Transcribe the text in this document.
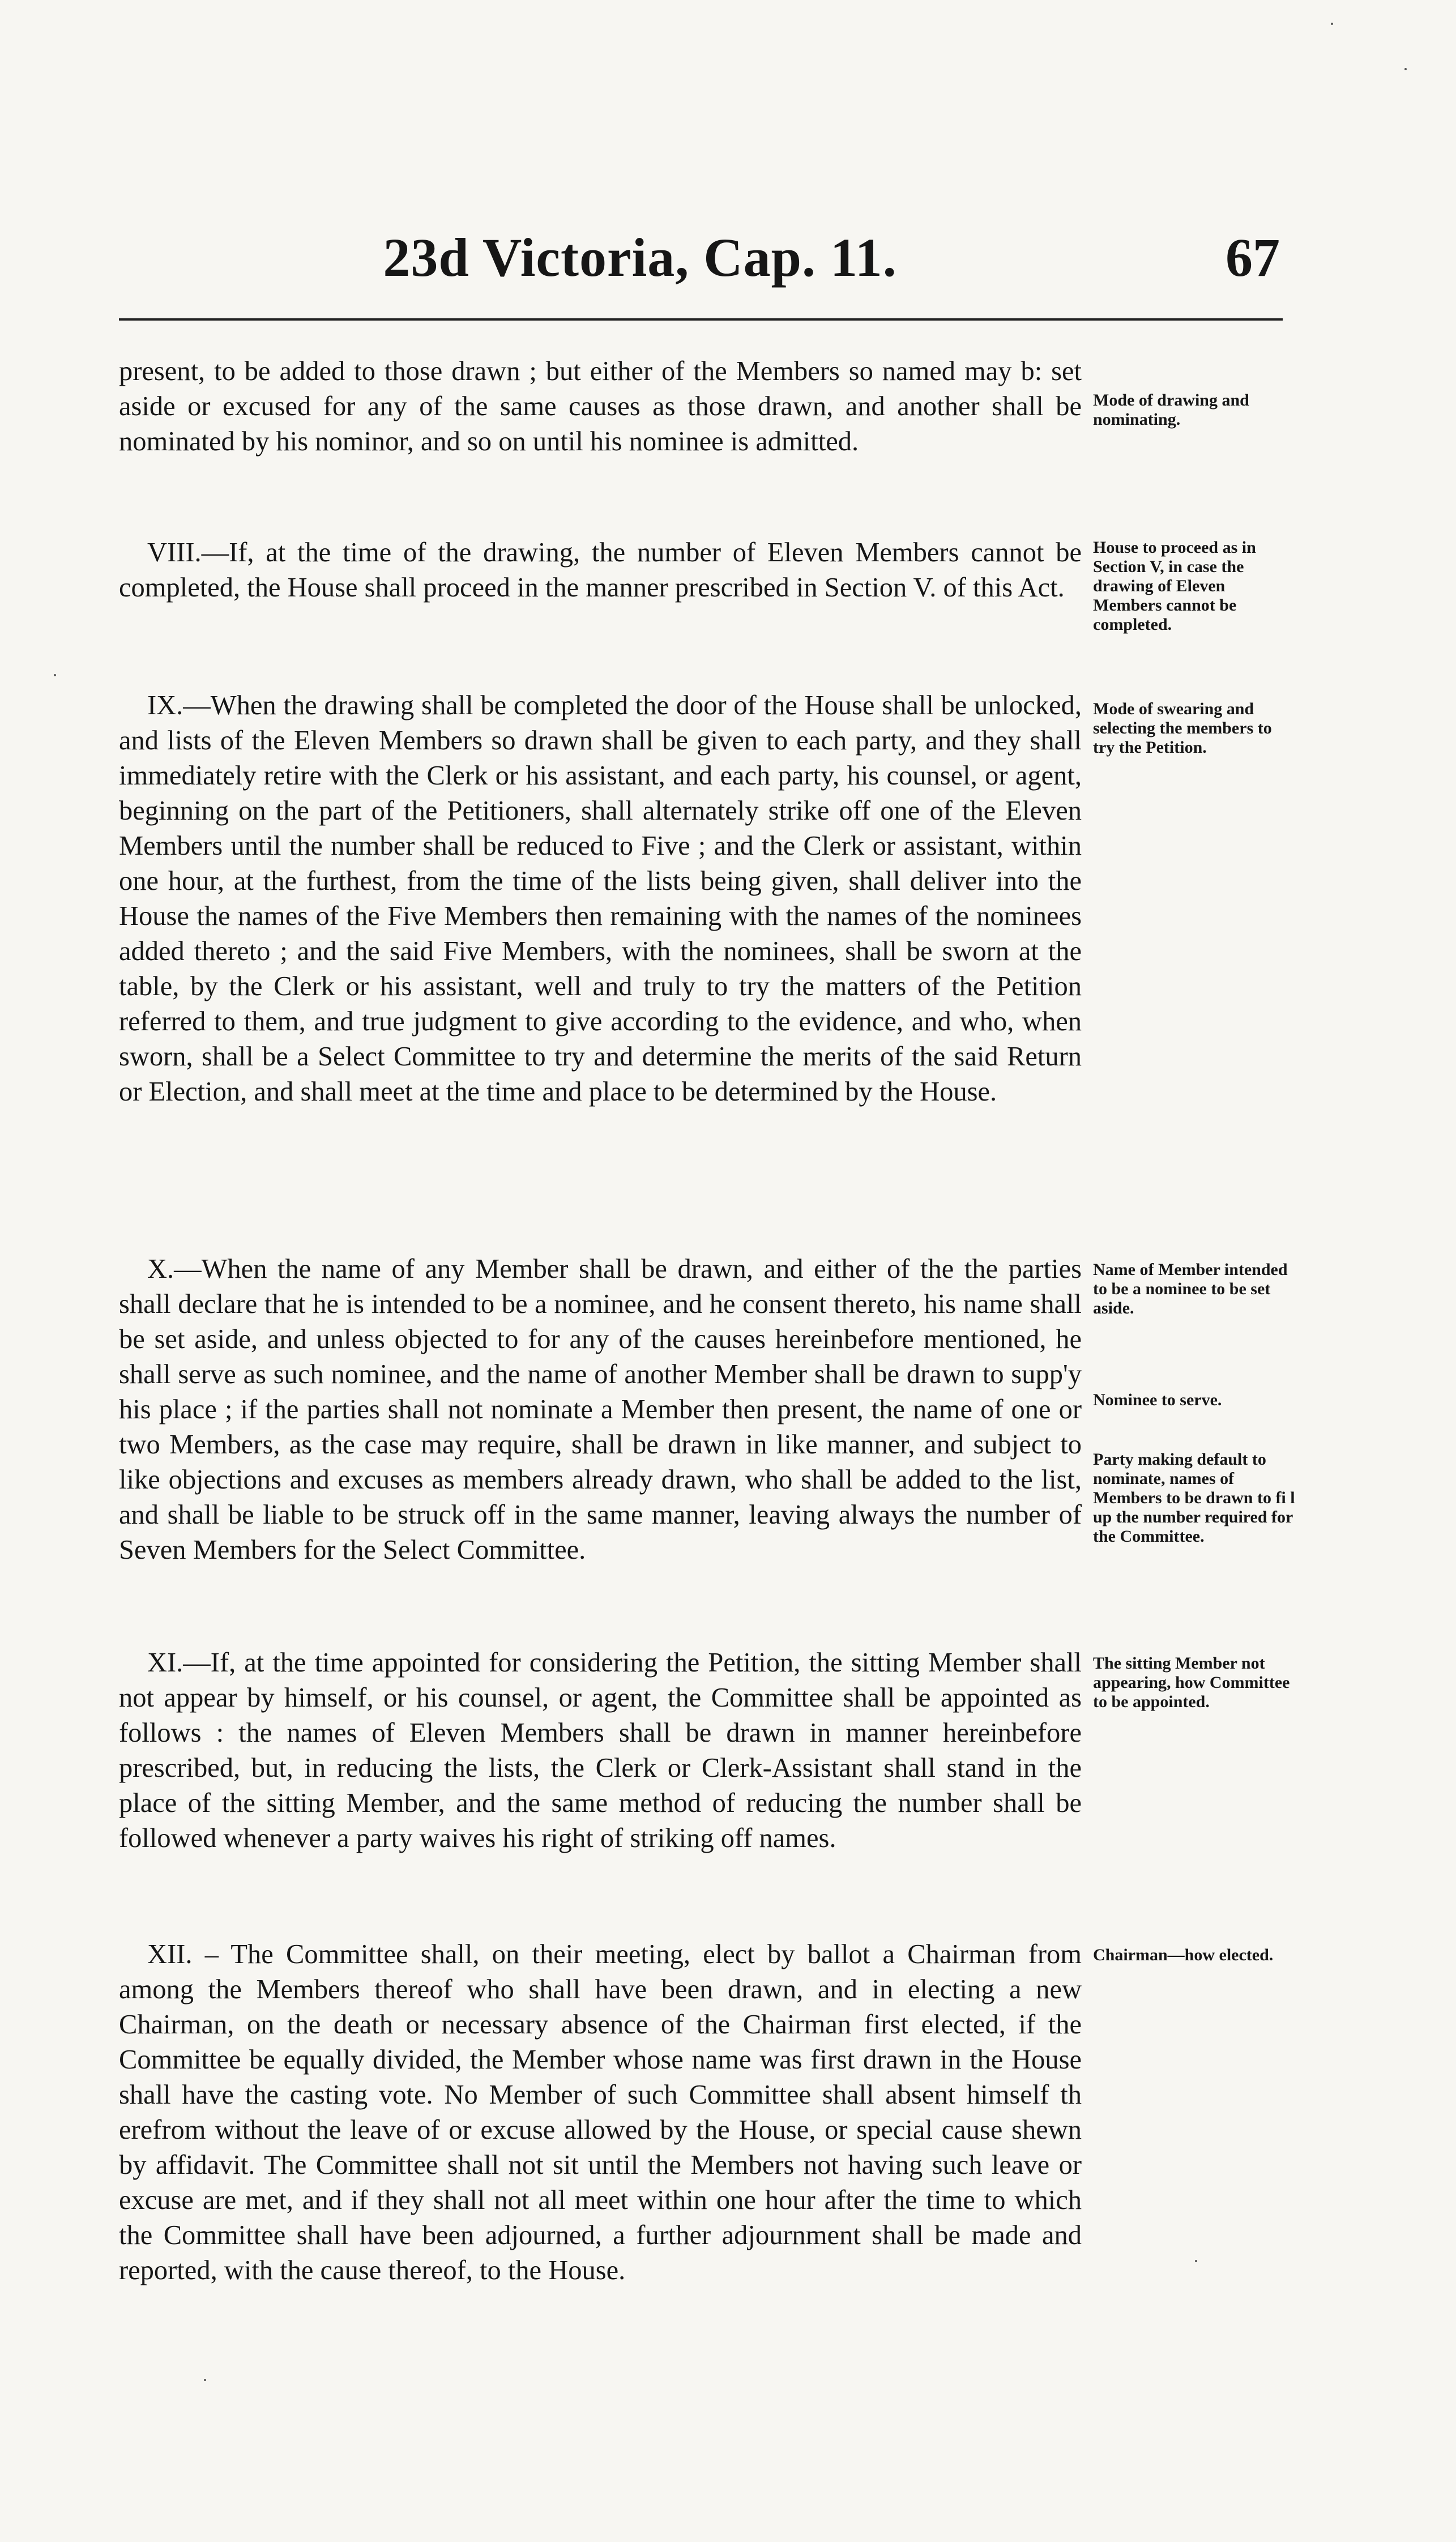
23d Victoria, Cap. 11.	67
present, to be added to those drawn ; but either of the Members so named may b: set aside or excused for any of the same causes as those drawn, and another shall be nominated by his nominor, and so on until his nominee is admitted.
Mode of drawing and nominating.
VIII.—If, at the time of the drawing, the number of Eleven Members cannot be completed, the House shall proceed in the manner prescribed in Section V. of this Act.
House to proceed as in Section V, in case the drawing of Eleven Members cannot be completed.
IX.—When the drawing shall be completed the door of the House shall be unlocked, and lists of the Eleven Members so drawn shall be given to each party, and they shall immediately retire with the Clerk or his assistant, and each party, his counsel, or agent, beginning on the part of the Petitioners, shall alternately strike off one of the Eleven Members until the number shall be reduced to Five ; and the Clerk or assistant, within one hour, at the furthest, from the time of the lists being given, shall deliver into the House the names of the Five Members then remaining with the names of the nominees added thereto ; and the said Five Members, with the nominees, shall be sworn at the table, by the Clerk or his assistant, well and truly to try the matters of the Petition referred to them, and true judgment to give according to the evidence, and who, when sworn, shall be a Select Committee to try and determine the merits of the said Return or Election, and shall meet at the time and place to be determined by the House.
Mode of swearing and selecting the members to try the Petition.
X.—When the name of any Member shall be drawn, and either of the the parties shall declare that he is intended to be a nominee, and he consent thereto, his name shall be set aside, and unless objected to for any of the causes hereinbefore mentioned, he shall serve as such nominee, and the name of another Member shall be drawn to supp'y his place ; if the parties shall not nominate a Member then present, the name of one or two Members, as the case may require, shall be drawn in like manner, and subject to like objections and excuses as members already drawn, who shall be added to the list, and shall be liable to be struck off in the same manner, leaving always the number of Seven Members for the Select Committee.
Name of Member intended to be a nominee to be set aside.
Nominee to serve.
Party making default to nominate, names of Members to be drawn to fi l up the number required for the Committee.
XI.—If, at the time appointed for considering the Petition, the sitting Member shall not appear by himself, or his counsel, or agent, the Committee shall be appointed as follows : the names of Eleven Members shall be drawn in manner hereinbefore prescribed, but, in reducing the lists, the Clerk or Clerk-Assistant shall stand in the place of the sitting Member, and the same method of reducing the number shall be followed whenever a party waives his right of striking off names.
The sitting Member not appearing, how Committee to be appointed.
XII. – The Committee shall, on their meeting, elect by ballot a Chairman from among the Members thereof who shall have been drawn, and in electing a new Chairman, on the death or necessary absence of the Chairman first elected, if the Committee be equally divided, the Member whose name was first drawn in the House shall have the casting vote. No Member of such Committee shall absent himself th erefrom without the leave of or excuse allowed by the House, or special cause shewn by affidavit. The Committee shall not sit until the Members not having such leave or excuse are met, and if they shall not all meet within one hour after the time to which the Committee shall have been adjourned, a further adjournment shall be made and reported, with the cause thereof, to the House.
Chairman—how elected.
